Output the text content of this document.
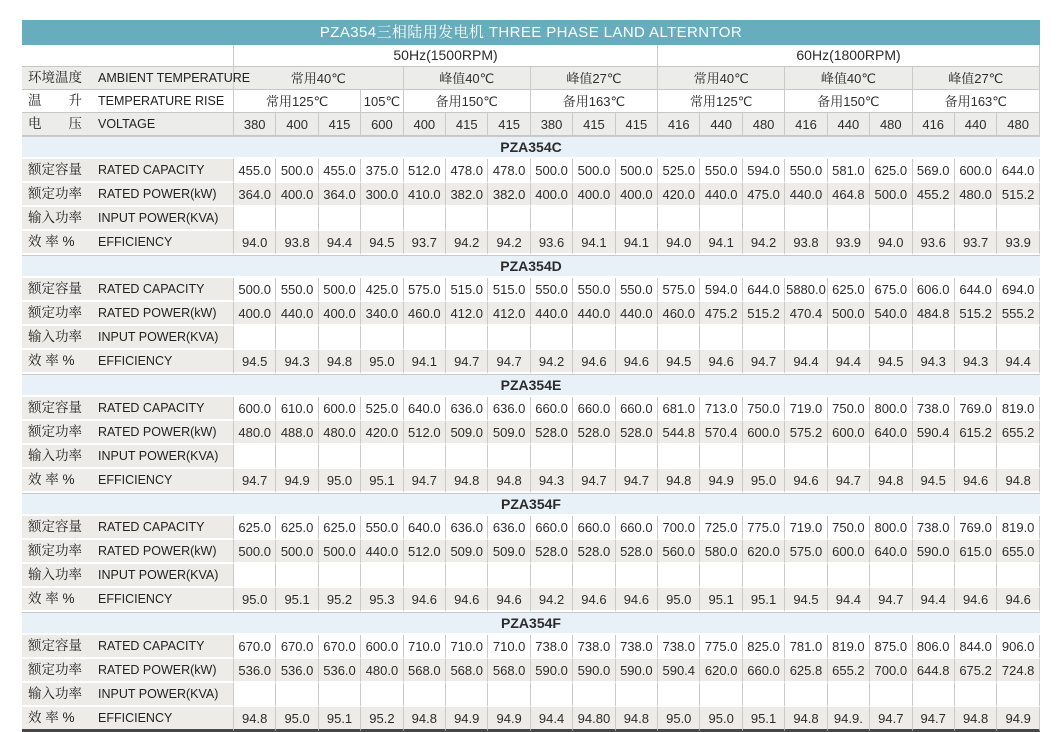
PZA354三相陆用发电机 THREE PHASE LAND ALTERNTOR
	50Hz(1500RPM)										60Hz(1800RPM)								
环境温度 AMBIENT TEMPERATURE	常用40℃				峰值40℃			峰值27℃			常用40℃			峰值40℃			峰值27℃		
温　　升 TEMPERATURE RISE	常用125℃			105℃	备用150℃			备用163℃			常用125℃			备用150℃			备用163℃		
电　　压 VOLTAGE	380	400	415	600	400	415	415	380	415	415	416	440	480	416	440	480	416	440	480
PZA354C																			
额定容量 RATED CAPACITY	455.0	500.0	455.0	375.0	512.0	478.0	478.0	500.0	500.0	500.0	525.0	550.0	594.0	550.0	581.0	625.0	569.0	600.0	644.0
额定功率 RATED POWER(kW)	364.0	400.0	364.0	300.0	410.0	382.0	382.0	400.0	400.0	400.0	420.0	440.0	475.0	440.0	464.8	500.0	455.2	480.0	515.2
输入功率 INPUT POWER(KVA)																			
效 率 % EFFICIENCY	94.0	93.8	94.4	94.5	93.7	94.2	94.2	93.6	94.1	94.1	94.0	94.1	94.2	93.8	93.9	94.0	93.6	93.7	93.9
PZA354D																			
额定容量 RATED CAPACITY	500.0	550.0	500.0	425.0	575.0	515.0	515.0	550.0	550.0	550.0	575.0	594.0	644.0	5880.0	625.0	675.0	606.0	644.0	694.0
额定功率 RATED POWER(kW)	400.0	440.0	400.0	340.0	460.0	412.0	412.0	440.0	440.0	440.0	460.0	475.2	515.2	470.4	500.0	540.0	484.8	515.2	555.2
输入功率 INPUT POWER(KVA)																			
效 率 % EFFICIENCY	94.5	94.3	94.8	95.0	94.1	94.7	94.7	94.2	94.6	94.6	94.5	94.6	94.7	94.4	94.4	94.5	94.3	94.3	94.4
PZA354E																			
额定容量 RATED CAPACITY	600.0	610.0	600.0	525.0	640.0	636.0	636.0	660.0	660.0	660.0	681.0	713.0	750.0	719.0	750.0	800.0	738.0	769.0	819.0
额定功率 RATED POWER(kW)	480.0	488.0	480.0	420.0	512.0	509.0	509.0	528.0	528.0	528.0	544.8	570.4	600.0	575.2	600.0	640.0	590.4	615.2	655.2
输入功率 INPUT POWER(KVA)																			
效 率 % EFFICIENCY	94.7	94.9	95.0	95.1	94.7	94.8	94.8	94.3	94.7	94.7	94.8	94.9	95.0	94.6	94.7	94.8	94.5	94.6	94.8
PZA354F																			
额定容量 RATED CAPACITY	625.0	625.0	625.0	550.0	640.0	636.0	636.0	660.0	660.0	660.0	700.0	725.0	775.0	719.0	750.0	800.0	738.0	769.0	819.0
额定功率 RATED POWER(kW)	500.0	500.0	500.0	440.0	512.0	509.0	509.0	528.0	528.0	528.0	560.0	580.0	620.0	575.0	600.0	640.0	590.0	615.0	655.0
输入功率 INPUT POWER(KVA)																			
效 率 % EFFICIENCY	95.0	95.1	95.2	95.3	94.6	94.6	94.6	94.2	94.6	94.6	95.0	95.1	95.1	94.5	94.4	94.7	94.4	94.6	94.6
PZA354F																			
额定容量 RATED CAPACITY	670.0	670.0	670.0	600.0	710.0	710.0	710.0	738.0	738.0	738.0	738.0	775.0	825.0	781.0	819.0	875.0	806.0	844.0	906.0
额定功率 RATED POWER(kW)	536.0	536.0	536.0	480.0	568.0	568.0	568.0	590.0	590.0	590.0	590.4	620.0	660.0	625.8	655.2	700.0	644.8	675.2	724.8
输入功率 INPUT POWER(KVA)																			
效 率 % EFFICIENCY	94.8	95.0	95.1	95.2	94.8	94.9	94.9	94.4	94.80	94.8	95.0	95.0	95.1	94.8	94.9.	94.7	94.7	94.8	94.9
